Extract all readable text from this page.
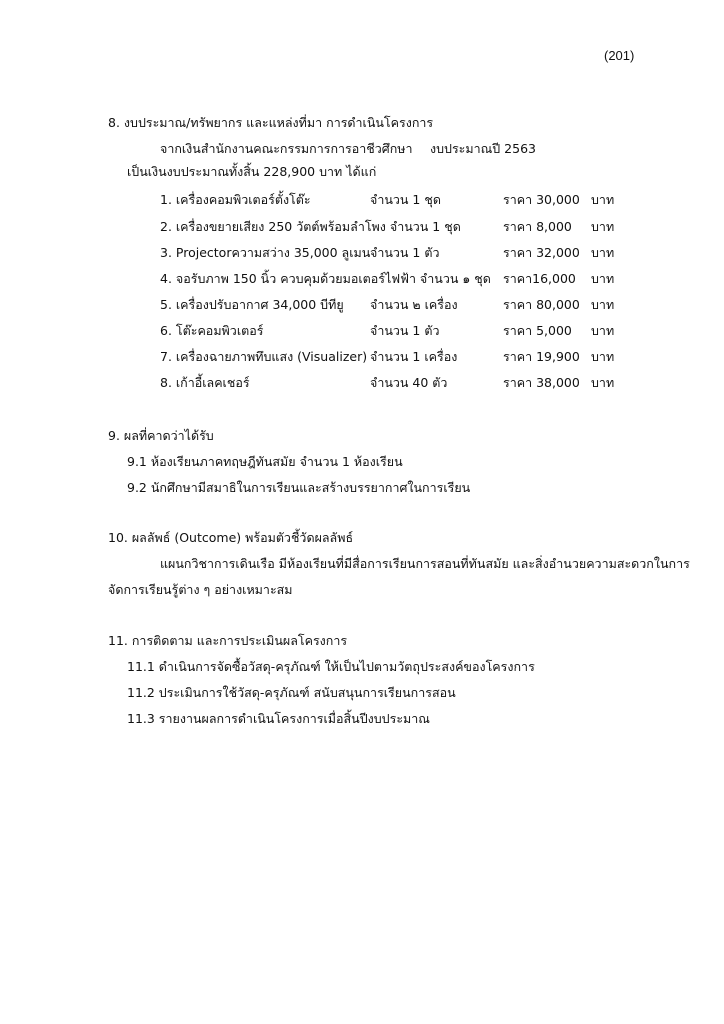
(201)
8. งบประมาณ/ทรัพยากร และแหล่งที่มา การดำเนินโครงการ
จากเงินสำนักงานคณะกรรมการการอาชีวศึกษา งบประมาณปี 2563
เป็นเงินงบประมาณทั้งสิ้น 228,900 บาท ได้แก่
1. เครื่องคอมพิวเตอร์ตั้งโต๊ะ	จำนวน 1 ชุด	ราคา 30,000 บาท
2. เครื่องขยายเสียง 250 วัตต์พร้อมลำโพง จำนวน 1 ชุด	ราคา 8,000 บาท
3. Projectorความสว่าง 35,000 ลูเมน จำนวน 1 ตัว	ราคา 32,000 บาท
4. จอรับภาพ 150 นิ้ว ควบคุมด้วยมอเตอร์ไฟฟ้า จำนวน ๑ ชุด ราคา16,000 บาท
5. เครื่องปรับอากาศ 34,000 บีทียู จำนวน ๒ เครื่อง	ราคา 80,000 บาท
6. โต๊ะคอมพิวเตอร์	จำนวน 1 ตัว	ราคา 5,000 บาท
7. เครื่องฉายภาพทึบแสง (Visualizer) จำนวน 1 เครื่อง	ราคา 19,900 บาท
8. เก้าอี้เลคเชอร์	จำนวน 40 ตัว	ราคา 38,000 บาท
9. ผลที่คาดว่าได้รับ
9.1 ห้องเรียนภาคทฤษฎีทันสมัย จำนวน 1 ห้องเรียน
9.2 นักศึกษามีสมาธิในการเรียนและสร้างบรรยากาศในการเรียน
10. ผลลัพธ์ (Outcome) พร้อมตัวชี้วัดผลลัพธ์
แผนกวิชาการเดินเรือ มีห้องเรียนที่มีสื่อการเรียนการสอนที่ทันสมัย และสิ่งอำนวยความสะดวกในการ
จัดการเรียนรู้ต่าง ๆ อย่างเหมาะสม
11. การติดตาม และการประเมินผลโครงการ
11.1 ดำเนินการจัดซื้อวัสดุ-ครุภัณฑ์ ให้เป็นไปตามวัตถุประสงค์ของโครงการ
11.2 ประเมินการใช้วัสดุ-ครุภัณฑ์ สนับสนุนการเรียนการสอน
11.3 รายงานผลการดำเนินโครงการเมื่อสิ้นปีงบประมาณ
